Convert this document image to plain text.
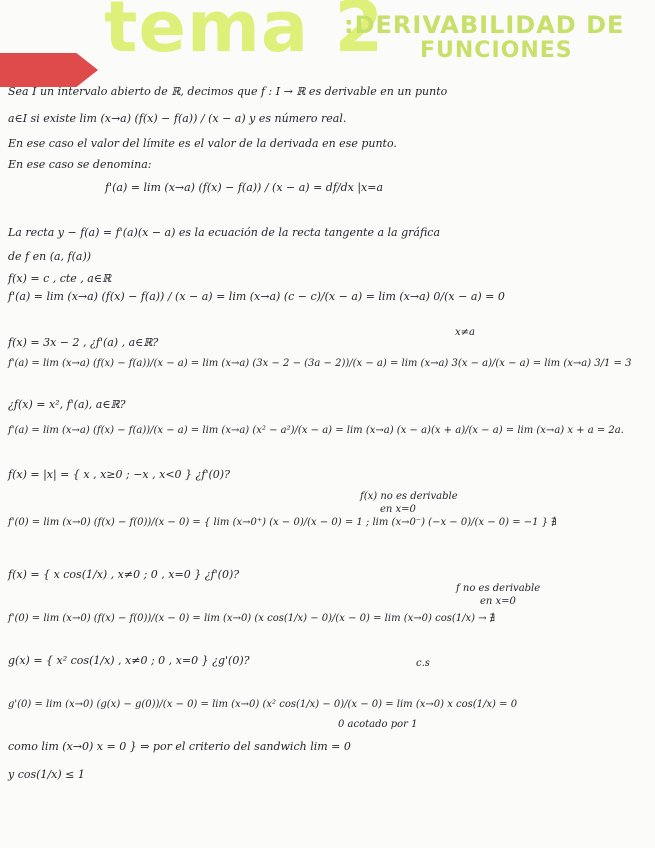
tema 2
:DERIVABILIDAD DE
FUNCIONES
Sea I un intervalo abierto de ℝ, decimos que f : I → ℝ es derivable en un punto
a∈I si existe lim (x→a) (f(x) − f(a)) / (x − a) y es número real.
En ese caso el valor del límite es el valor de la derivada en ese punto.
En ese caso se denomina:
f'(a) = lim (x→a) (f(x) − f(a)) / (x − a) = df/dx |x=a
La recta y − f(a) = f'(a)(x − a) es la ecuación de la recta tangente a la gráfica
de f en (a, f(a))
f(x) = c , cte , a∈ℝ
f'(a) = lim (x→a) (f(x) − f(a)) / (x − a) = lim (x→a) (c − c)/(x − a) = lim (x→a) 0/(x − a) = 0
x≠a
f(x) = 3x − 2 , ¿f'(a) , a∈ℝ?
f'(a) = lim (x→a) (f(x) − f(a))/(x − a) = lim (x→a) (3x − 2 − (3a − 2))/(x − a) = lim (x→a) 3(x − a)/(x − a) = lim (x→a) 3/1 = 3
¿f(x) = x², f'(a), a∈ℝ?
f'(a) = lim (x→a) (f(x) − f(a))/(x − a) = lim (x→a) (x² − a²)/(x − a) = lim (x→a) (x − a)(x + a)/(x − a) = lim (x→a) x + a = 2a.
f(x) = |x| = { x , x≥0 ; −x , x<0 } ¿f'(0)?
f(x) no es derivable
en x=0
f'(0) = lim (x→0) (f(x) − f(0))/(x − 0) = { lim (x→0⁺) (x − 0)/(x − 0) = 1 ; lim (x→0⁻) (−x − 0)/(x − 0) = −1 } ∄
f(x) = { x cos(1/x) , x≠0 ; 0 , x=0 } ¿f'(0)?
f no es derivable
en x=0
f'(0) = lim (x→0) (f(x) − f(0))/(x − 0) = lim (x→0) (x cos(1/x) − 0)/(x − 0) = lim (x→0) cos(1/x) → ∄
g(x) = { x² cos(1/x) , x≠0 ; 0 , x=0 } ¿g'(0)?	c.s
g'(0) = lim (x→0) (g(x) − g(0))/(x − 0) = lim (x→0) (x² cos(1/x) − 0)/(x − 0) = lim (x→0) x cos(1/x) = 0
0 acotado por 1
como lim (x→0) x = 0 } ⇒ por el criterio del sandwich lim = 0
y cos(1/x) ≤ 1
